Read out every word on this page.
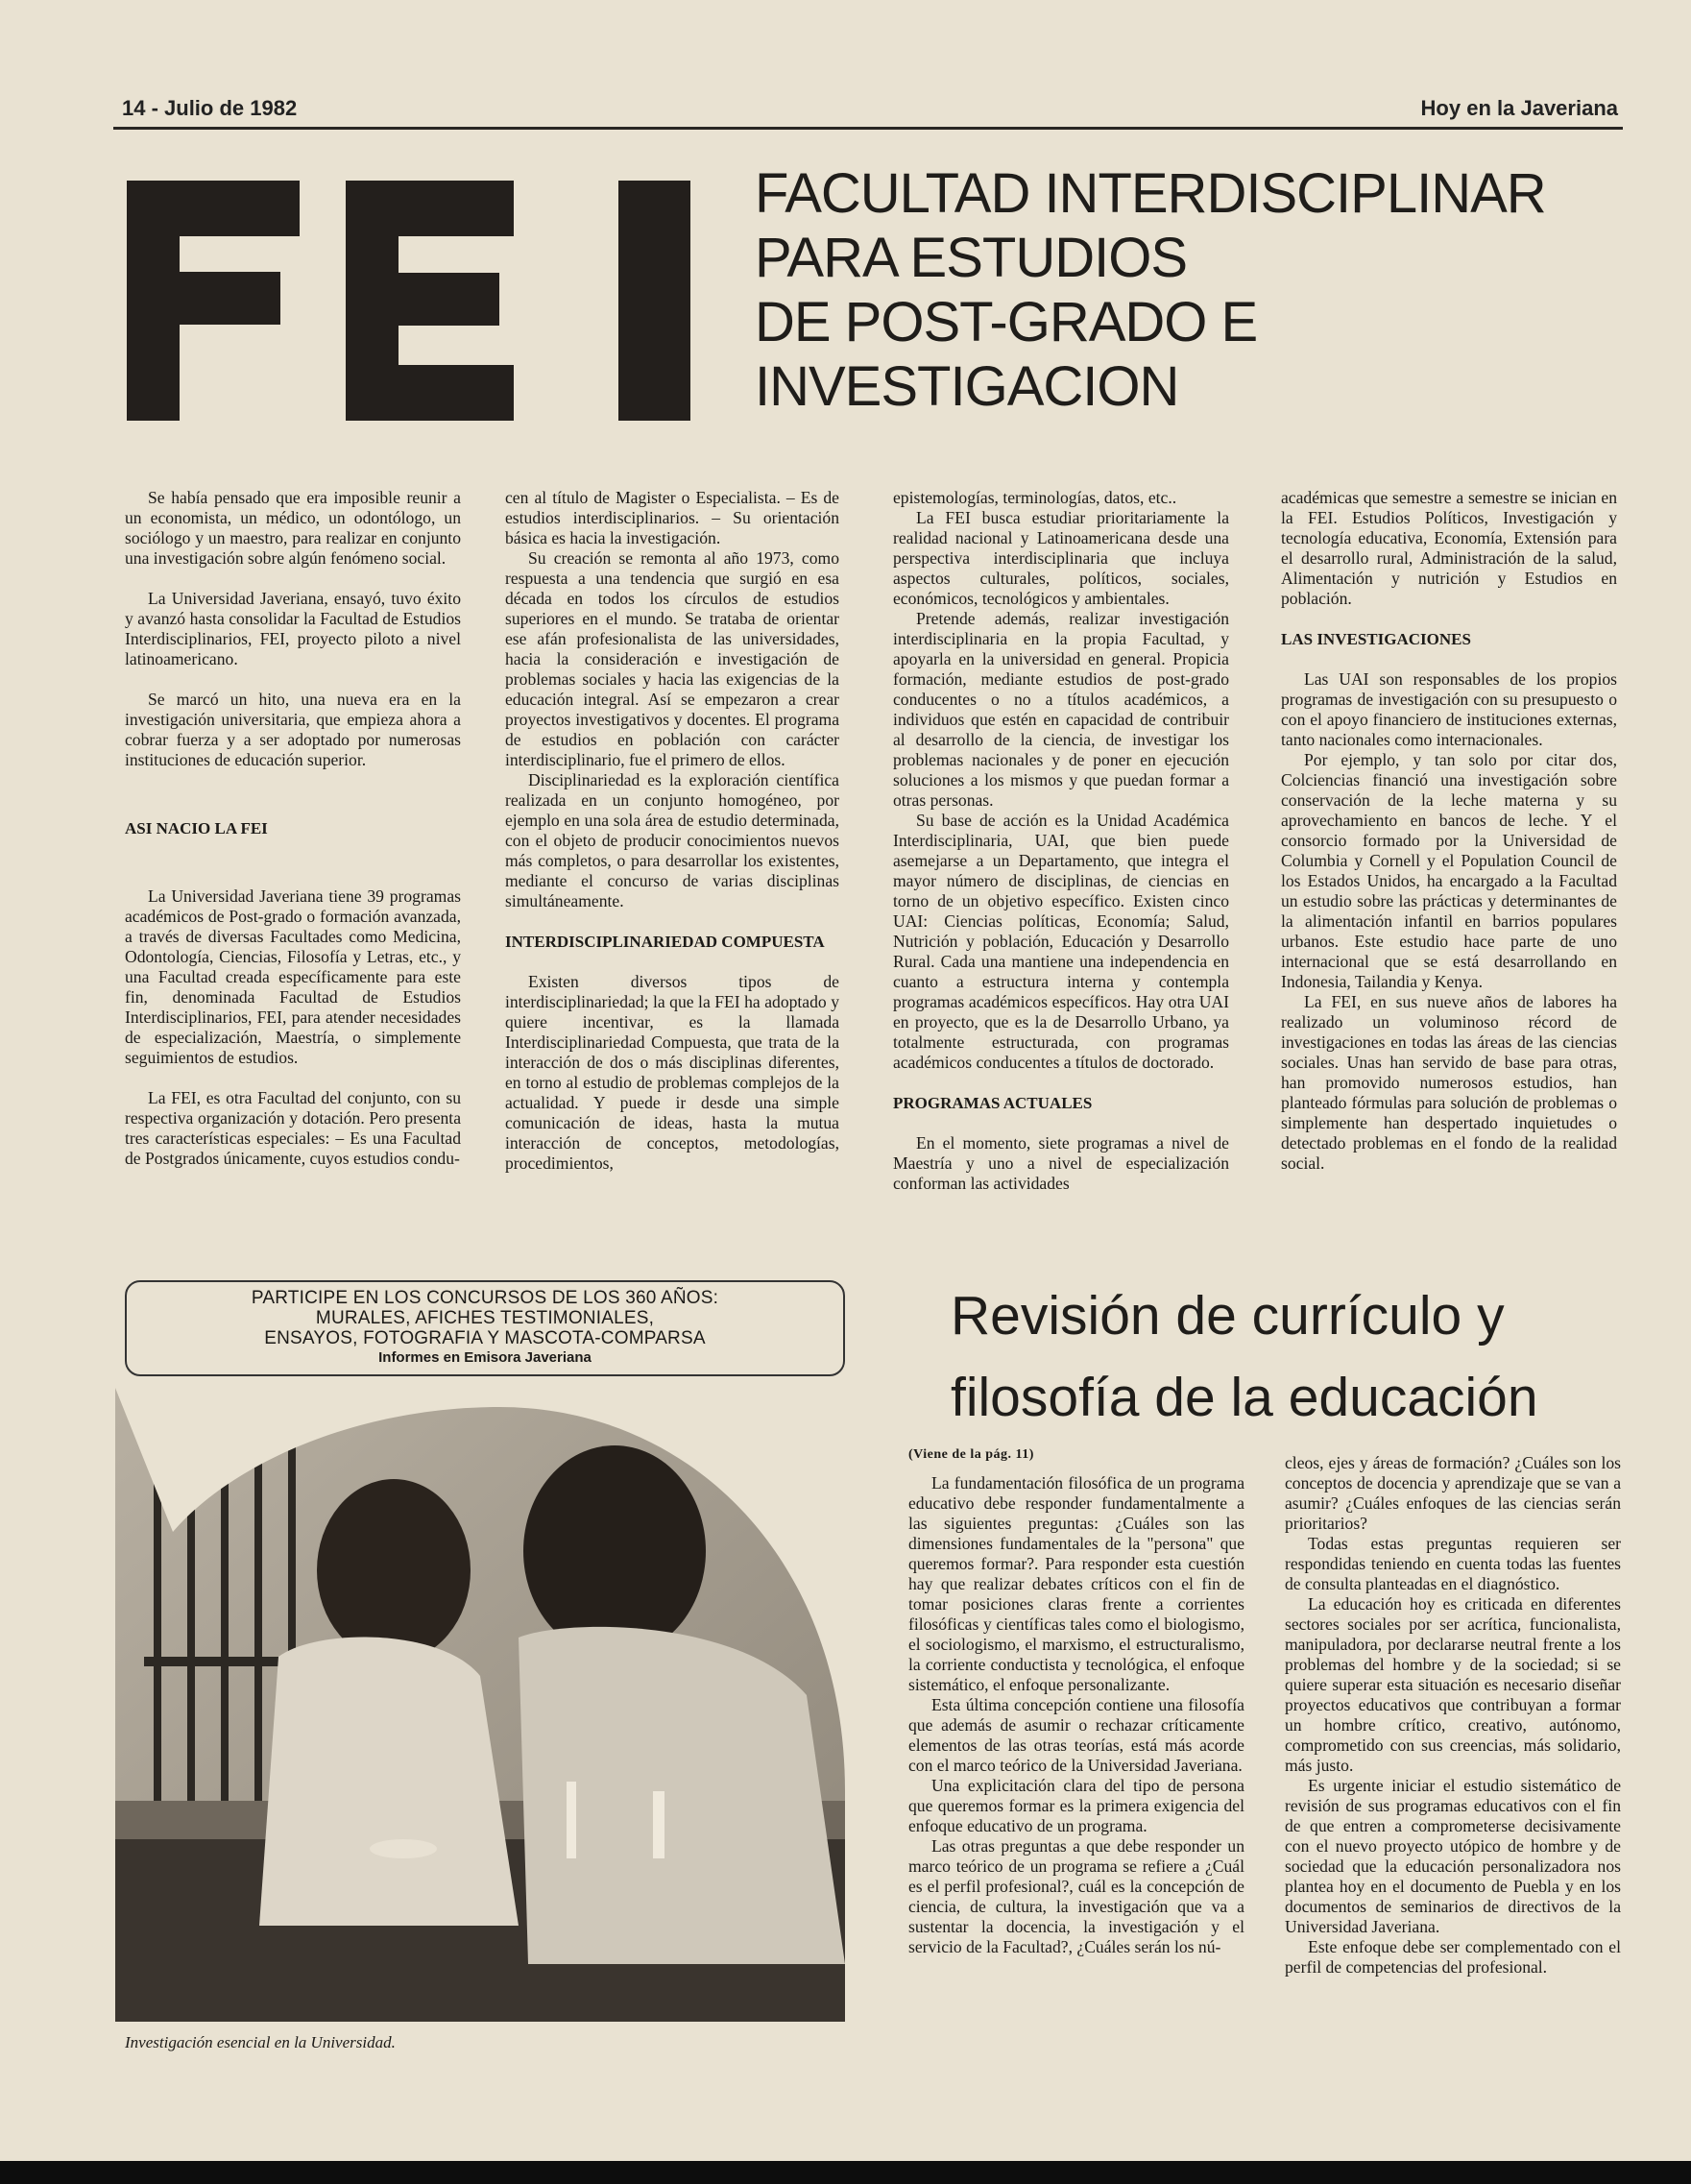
14 - Julio de 1982	Hoy en la Javeriana
FACULTAD INTERDISCIPLINAR
PARA ESTUDIOS
DE POST-GRADO E
INVESTIGACION

Se había pensado que era imposible reunir a un economista, un médico, un odontólogo, un sociólogo y un maestro, para realizar en conjunto una investigación sobre algún fenómeno social.

La Universidad Javeriana, ensayó, tuvo éxito y avanzó hasta consolidar la Facultad de Estudios Interdisciplinarios, FEI, proyecto piloto a nivel latinoamericano.

Se marcó un hito, una nueva era en la investigación universitaria, que empieza ahora a cobrar fuerza y a ser adoptado por numerosas instituciones de educación superior.

ASI NACIO LA FEI

La Universidad Javeriana tiene 39 programas académicos de Post-grado o formación avanzada, a través de diversas Facultades como Medicina, Odontología, Ciencias, Filosofía y Letras, etc., y una Facultad creada específicamente para este fin, denominada Facultad de Estudios Interdisciplinarios, FEI, para atender necesidades de especialización, Maestría, o simplemente seguimientos de estudios.

La FEI, es otra Facultad del conjunto, con su respectiva organización y dotación. Pero presenta tres características especiales: – Es una Facultad de Postgrados únicamente, cuyos estudios condu-

cen al título de Magister o Especialista. – Es de estudios interdisciplinarios. – Su orientación básica es hacia la investigación.

Su creación se remonta al año 1973, como respuesta a una tendencia que surgió en esa década en todos los círculos de estudios superiores en el mundo. Se trataba de orientar ese afán profesionalista de las universidades, hacia la consideración e investigación de problemas sociales y hacia las exigencias de la educación integral. Así se empezaron a crear proyectos investigativos y docentes. El programa de estudios en población con carácter interdisciplinario, fue el primero de ellos.

Disciplinariedad es la exploración científica realizada en un conjunto homogéneo, por ejemplo en una sola área de estudio determinada, con el objeto de producir conocimientos nuevos más completos, o para desarrollar los existentes, mediante el concurso de varias disciplinas simultáneamente.

INTERDISCIPLINARIEDAD COMPUESTA

Existen diversos tipos de interdisciplinariedad; la que la FEI ha adoptado y quiere incentivar, es la llamada Interdisciplinariedad Compuesta, que trata de la interacción de dos o más disciplinas diferentes, en torno al estudio de problemas complejos de la actualidad. Y puede ir desde una simple comunicación de ideas, hasta la mutua interacción de conceptos, metodologías, procedimientos,

epistemologías, terminologías, datos, etc..

La FEI busca estudiar prioritariamente la realidad nacional y Latinoamericana desde una perspectiva interdisciplinaria que incluya aspectos culturales, políticos, sociales, económicos, tecnológicos y ambientales.

Pretende además, realizar investigación interdisciplinaria en la propia Facultad, y apoyarla en la universidad en general. Propicia formación, mediante estudios de post-grado conducentes o no a títulos académicos, a individuos que estén en capacidad de contribuir al desarrollo de la ciencia, de investigar los problemas nacionales y de poner en ejecución soluciones a los mismos y que puedan formar a otras personas.

Su base de acción es la Unidad Académica Interdisciplinaria, UAI, que bien puede asemejarse a un Departamento, que integra el mayor número de disciplinas, de ciencias en torno de un objetivo específico. Existen cinco UAI: Ciencias políticas, Economía; Salud, Nutrición y población, Educación y Desarrollo Rural. Cada una mantiene una independencia en cuanto a estructura interna y contempla programas académicos específicos. Hay otra UAI en proyecto, que es la de Desarrollo Urbano, ya totalmente estructurada, con programas académicos conducentes a títulos de doctorado.

PROGRAMAS ACTUALES

En el momento, siete programas a nivel de Maestría y uno a nivel de especialización conforman las actividades

académicas que semestre a semestre se inician en la FEI. Estudios Políticos, Investigación y tecnología educativa, Economía, Extensión para el desarrollo rural, Administración de la salud, Alimentación y nutrición y Estudios en población.

LAS INVESTIGACIONES

Las UAI son responsables de los propios programas de investigación con su presupuesto o con el apoyo financiero de instituciones externas, tanto nacionales como internacionales.

Por ejemplo, y tan solo por citar dos, Colciencias financió una investigación sobre conservación de la leche materna y su aprovechamiento en bancos de leche. Y el consorcio formado por la Universidad de Columbia y Cornell y el Population Council de los Estados Unidos, ha encargado a la Facultad un estudio sobre las prácticas y determinantes de la alimentación infantil en barrios populares urbanos. Este estudio hace parte de uno internacional que se está desarrollando en Indonesia, Tailandia y Kenya.

La FEI, en sus nueve años de labores ha realizado un voluminoso récord de investigaciones en todas las áreas de las ciencias sociales. Unas han servido de base para otras, han promovido numerosos estudios, han planteado fórmulas para solución de problemas o simplemente han despertado inquietudes o detectado problemas en el fondo de la realidad social.

PARTICIPE EN LOS CONCURSOS DE LOS 360 AÑOS:
MURALES, AFICHES TESTIMONIALES,
ENSAYOS, FOTOGRAFIA Y MASCOTA-COMPARSA
Informes en Emisora Javeriana
Investigación esencial en la Universidad.
Revisión de currículo y
filosofía de la educación
(Viene de la pág. 11)

La fundamentación filosófica de un programa educativo debe responder fundamentalmente a las siguientes preguntas: ¿Cuáles son las dimensiones fundamentales de la "persona" que queremos formar?. Para responder esta cuestión hay que realizar debates críticos con el fin de tomar posiciones claras frente a corrientes filosóficas y científicas tales como el biologismo, el sociologismo, el marxismo, el estructuralismo, la corriente conductista y tecnológica, el enfoque sistemático, el enfoque personalizante.

Esta última concepción contiene una filosofía que además de asumir o rechazar críticamente elementos de las otras teorías, está más acorde con el marco teórico de la Universidad Javeriana.

Una explicitación clara del tipo de persona que queremos formar es la primera exigencia del enfoque educativo de un programa.

Las otras preguntas a que debe responder un marco teórico de un programa se refiere a ¿Cuál es el perfil profesional?, cuál es la concepción de ciencia, de cultura, la investigación que va a sustentar la docencia, la investigación y el servicio de la Facultad?, ¿Cuáles serán los nú-

cleos, ejes y áreas de formación? ¿Cuáles son los conceptos de docencia y aprendizaje que se van a asumir? ¿Cuáles enfoques de las ciencias serán prioritarios?

Todas estas preguntas requieren ser respondidas teniendo en cuenta todas las fuentes de consulta planteadas en el diagnóstico.

La educación hoy es criticada en diferentes sectores sociales por ser acrítica, funcionalista, manipuladora, por declararse neutral frente a los problemas del hombre y de la sociedad; si se quiere superar esta situación es necesario diseñar proyectos educativos que contribuyan a formar un hombre crítico, creativo, autónomo, comprometido con sus creencias, más solidario, más justo.

Es urgente iniciar el estudio sistemático de revisión de sus programas educativos con el fin de que entren a comprometerse decisivamente con el nuevo proyecto utópico de hombre y de sociedad que la educación personalizadora nos plantea hoy en el documento de Puebla y en los documentos de seminarios de directivos de la Universidad Javeriana.

Este enfoque debe ser complementado con el perfil de competencias del profesional.
